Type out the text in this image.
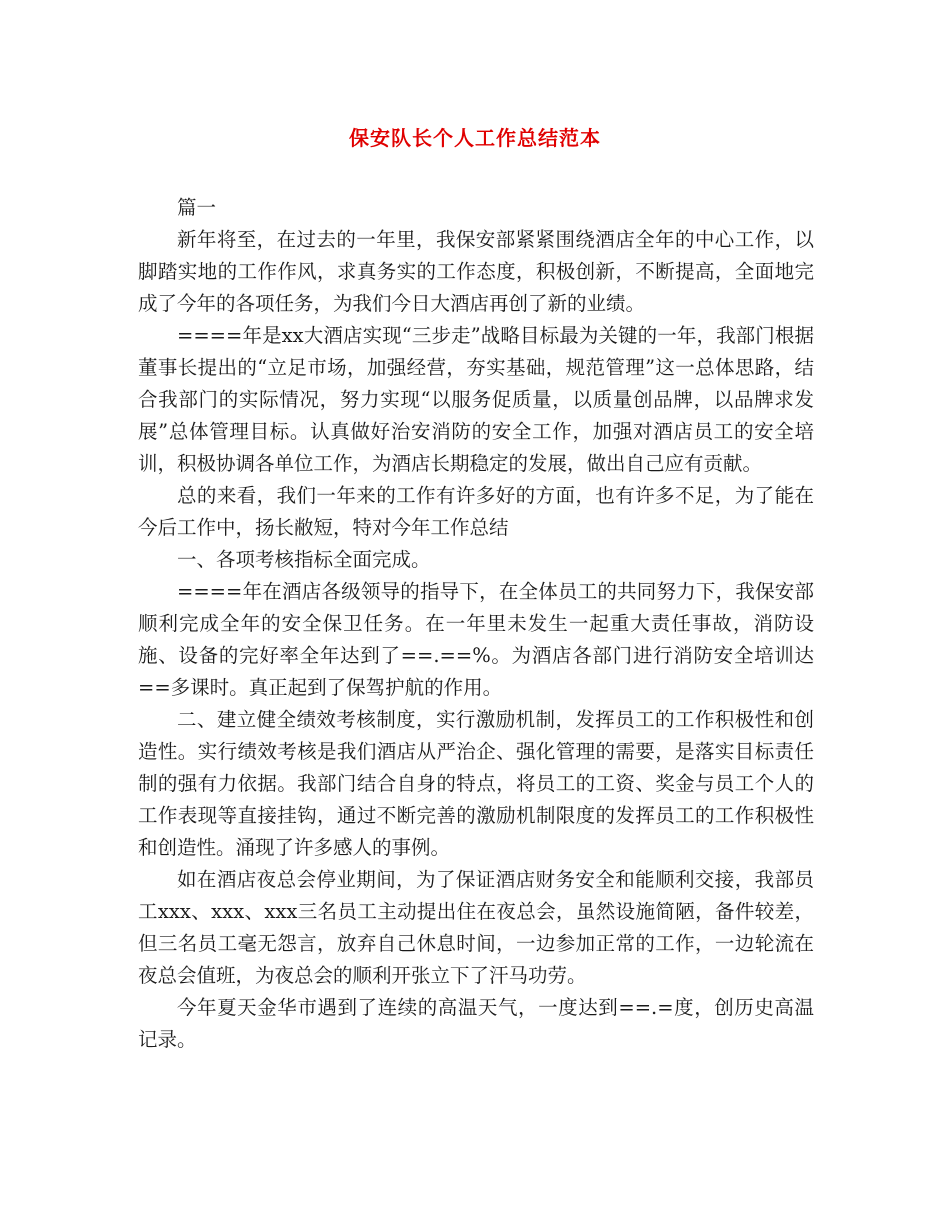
保安队长个人工作总结范本

篇一

新年将至，在过去的一年里，我保安部紧紧围绕酒店全年的中心工作，以脚踏实地的工作作风，求真务实的工作态度，积极创新，不断提高，全面地完成了今年的各项任务，为我们今日大酒店再创了新的业绩。

====年是xx大酒店实现“三步走”战略目标最为关键的一年，我部门根据董事长提出的“立足市场，加强经营，夯实基础，规范管理”这一总体思路，结合我部门的实际情况，努力实现“以服务促质量，以质量创品牌，以品牌求发展”总体管理目标。认真做好治安消防的安全工作，加强对酒店员工的安全培训，积极协调各单位工作，为酒店长期稳定的发展，做出自己应有贡献。

总的来看，我们一年来的工作有许多好的方面，也有许多不足，为了能在今后工作中，扬长敝短，特对今年工作总结

一、各项考核指标全面完成。

====年在酒店各级领导的指导下，在全体员工的共同努力下，我保安部顺利完成全年的安全保卫任务。在一年里未发生一起重大责任事故，消防设施、设备的完好率全年达到了==.==%。为酒店各部门进行消防安全培训达==多课时。真正起到了保驾护航的作用。

二、建立健全绩效考核制度，实行激励机制，发挥员工的工作积极性和创造性。实行绩效考核是我们酒店从严治企、强化管理的需要，是落实目标责任制的强有力依据。我部门结合自身的特点，将员工的工资、奖金与员工个人的工作表现等直接挂钩，通过不断完善的激励机制限度的发挥员工的工作积极性和创造性。涌现了许多感人的事例。

如在酒店夜总会停业期间，为了保证酒店财务安全和能顺利交接，我部员工xxx、xxx、xxx三名员工主动提出住在夜总会，虽然设施简陋，备件较差，但三名员工毫无怨言，放弃自己休息时间，一边参加正常的工作，一边轮流在夜总会值班，为夜总会的顺利开张立下了汗马功劳。

今年夏天金华市遇到了连续的高温天气，一度达到==.=度，创历史高温记录。
